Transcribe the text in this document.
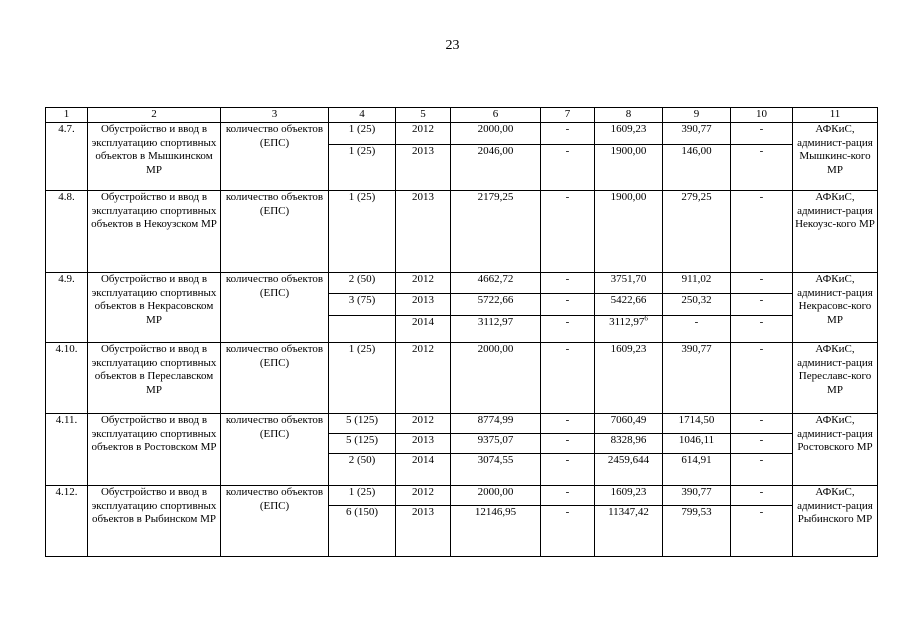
23
1	2	3	4	5	6	7	8	9	10	11
4.7.	Обустройство и ввод в эксплуатацию спортивных объектов в Мышкинском МР	количество объектов (ЕПС)	1 (25)	2012	2000,00	-	1609,23	390,77	-	АФКиС, админист-рация Мышкинс-кого МР
			1 (25)	2013	2046,00	-	1900,00	146,00	-	
4.8.	Обустройство и ввод в эксплуатацию спортивных объектов в Некоузском МР	количество объектов (ЕПС)	1 (25)	2013	2179,25	-	1900,00	279,25	-	АФКиС, админист-рация Некоузс-кого МР
4.9.	Обустройство и ввод в эксплуатацию спортивных объектов в Некрасовском МР	количество объектов (ЕПС)	2 (50)	2012	4662,72	-	3751,70	911,02	-	АФКиС, админист-рация Некрасовс-кого МР
			3 (75)	2013	5722,66	-	5422,66	250,32	-	
				2014	3112,97	-	3112,97$^6$	-	-	
4.10.	Обустройство и ввод в эксплуатацию спортивных объектов в Переславском МР	количество объектов (ЕПС)	1 (25)	2012	2000,00	-	1609,23	390,77	-	АФКиС, админист-рация Переславс-кого МР
4.11.	Обустройство и ввод в эксплуатацию спортивных объектов в Ростовском МР	количество объектов (ЕПС)	5 (125)	2012	8774,99	-	7060,49	1714,50	-	АФКиС, админист-рация Ростовского МР
			5 (125)	2013	9375,07	-	8328,96	1046,11	-	
			2 (50)	2014	3074,55	-	2459,644	614,91	-	
4.12.	Обустройство и ввод в эксплуатацию спортивных объектов в Рыбинском МР	количество объектов (ЕПС)	1 (25)	2012	2000,00	-	1609,23	390,77	-	АФКиС, админист-рация Рыбинского МР
			6 (150)	2013	12146,95	-	11347,42	799,53	-	
